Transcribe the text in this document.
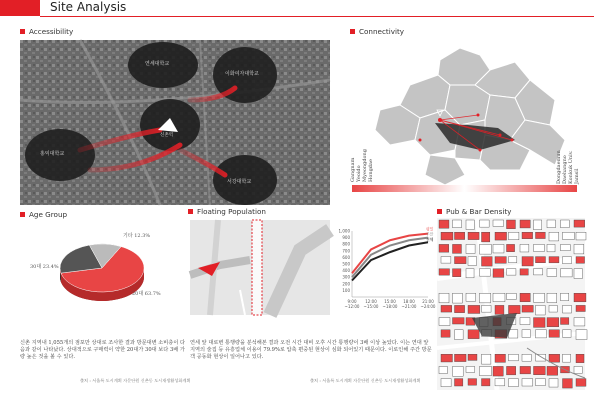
Site Analysis
Accessibility	Connectivity
Age Group	Floating Population	Pub & Bar Density
연세대학교
이화여자대학교
홍익대학교
서강대학교
신촌역
Gangnam Yeoido Myeongdong Hongdae	Dongdaemun Daehangno Konkuk Univ. Jamsil
기타 12.3%
30대 23.4%
20대 63.7%
신촌 지역내 1,055개의 점포만 상대로 조사한 결과 방문대변 소비층이 다음과 같이 나타났다. 상대적으로 구매력이 약한 20대가 30대 보다 3배 가량 높은 것을 볼 수 있다.
출처 : 서울특 도시계획 자문단원 신촌동 도시재생활성화계획
1,000
900
800
700
600
500
400
300
200
100
9:00
~12:00
12:00
~15:00
15:00
~18:00
18:00
~21:00
21:00
~24:00
평일
주말
전체
연세 앞 대로변 통행량을 분석해본 결과 오전 시간 대비 오후 시간 통행량이 3배 이상 높았다. 이는 연대 앞 지역의 술집 등 유흥업체 이용이 79.9%로 압축 편중된 현상이 심화 되어있기 때문이다. 이로인해 주간 방문객 공동화 현상이 일어나고 있다.
출처 : 서울특 도시계획 자문단원 신촌동 도시재생활성화계획
